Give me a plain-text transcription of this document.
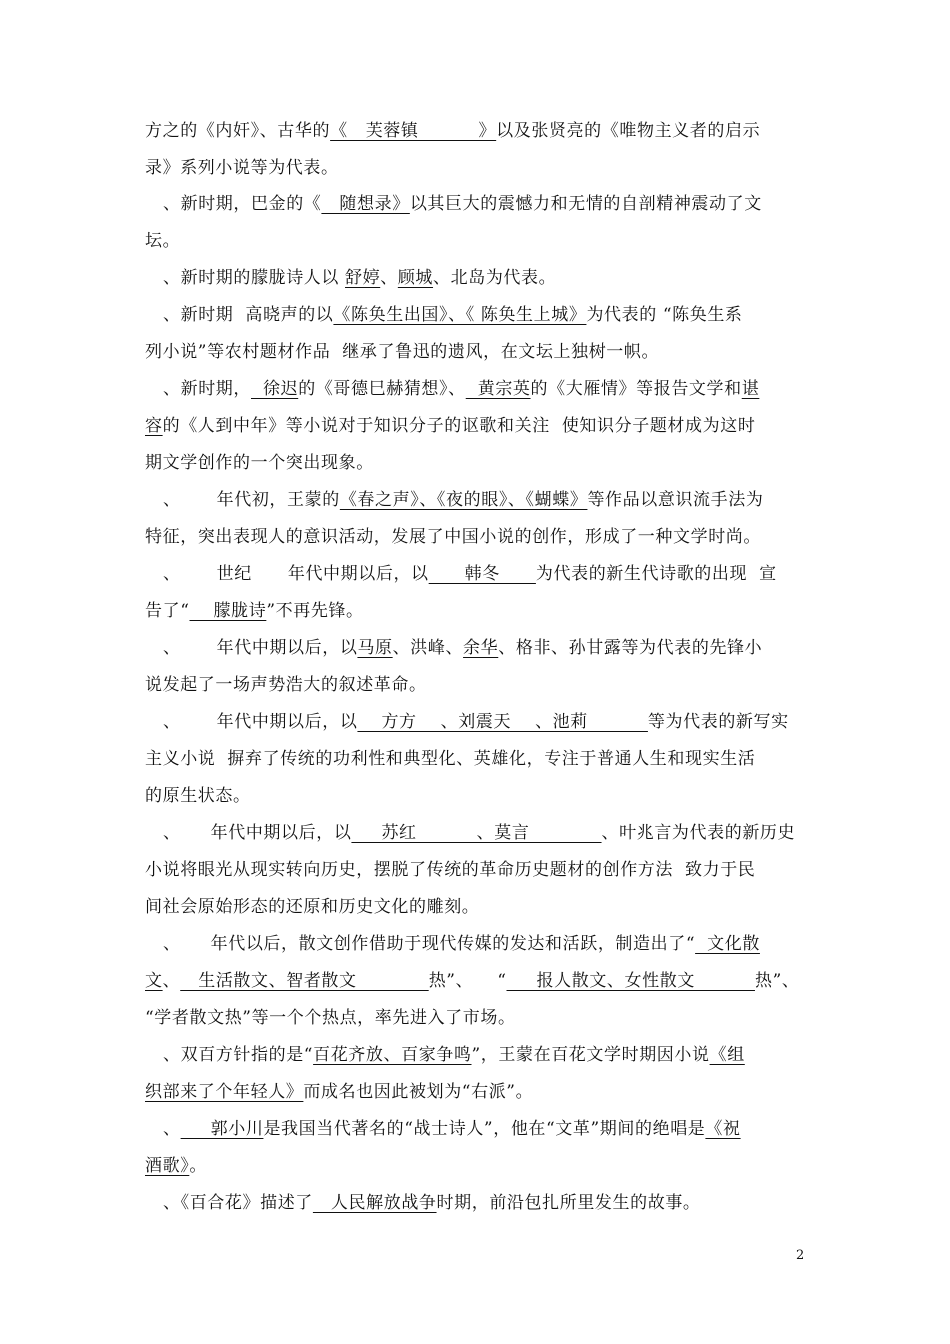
2
方之的《内奸》、古华的《   芙蓉镇          》以及张贤亮的《唯物主义者的启示
录》系列小说等为代表。
、新时期，巴金的《   随想录》以其巨大的震憾力和无情的自剖精神震动了文
坛。
、新时期的朦胧诗人以 舒婷、顾城、北岛为代表。
、新时期  高晓声的以《陈奂生出国》、《 陈奂生上城》为代表的 “陈奂生系
列小说”等农村题材作品  继承了鲁迅的遗风，在文坛上独树一帜。
、新时期，  徐迟的《哥德巳赫猜想》、  黄宗英的《大雁情》等报告文学和谌
容的《人到中年》等小说对于知识分子的讴歌和关注  使知识分子题材成为这时
期文学创作的一个突出现象。
、      年代初，王蒙的《春之声》、《夜的眼》、《蝴蝶》等作品以意识流手法为
特征，突出表现人的意识活动，发展了中国小说的创作，形成了一种文学时尚。
、      世纪      年代中期以后，以      韩冬      为代表的新生代诗歌的出现  宣
告了“    朦胧诗”不再先锋。
、      年代中期以后，以马原、洪峰、余华、格非、孙甘露等为代表的先锋小
说发起了一场声势浩大的叙述革命。
、      年代中期以后，以    方方    、刘震天    、池莉          等为代表的新写实
主义小说  摒弃了传统的功利性和典型化、英雄化，专注于普通人生和现实生活
的原生状态。
、     年代中期以后，以     苏红          、莫言            、叶兆言为代表的新历史
小说将眼光从现实转向历史，摆脱了传统的革命历史题材的创作方法  致力于民
间社会原始形态的还原和历史文化的雕刻。
、     年代以后，散文创作借助于现代传媒的发达和活跃，制造出了“  文化散
文、   生活散文、智者散文            热”、    “     报人散文、女性散文          热”、
“学者散文热”等一个个热点，率先进入了市场。
、双百方针指的是“百花齐放、百家争鸣”，王蒙在百花文学时期因小说《组
织部来了个年轻人》而成名也因此被划为“右派”。
、     郭小川是我国当代著名的“战士诗人”，他在“文革”期间的绝唱是《祝
酒歌》。
、《百合花》描述了   人民解放战争时期，前沿包扎所里发生的故事。
